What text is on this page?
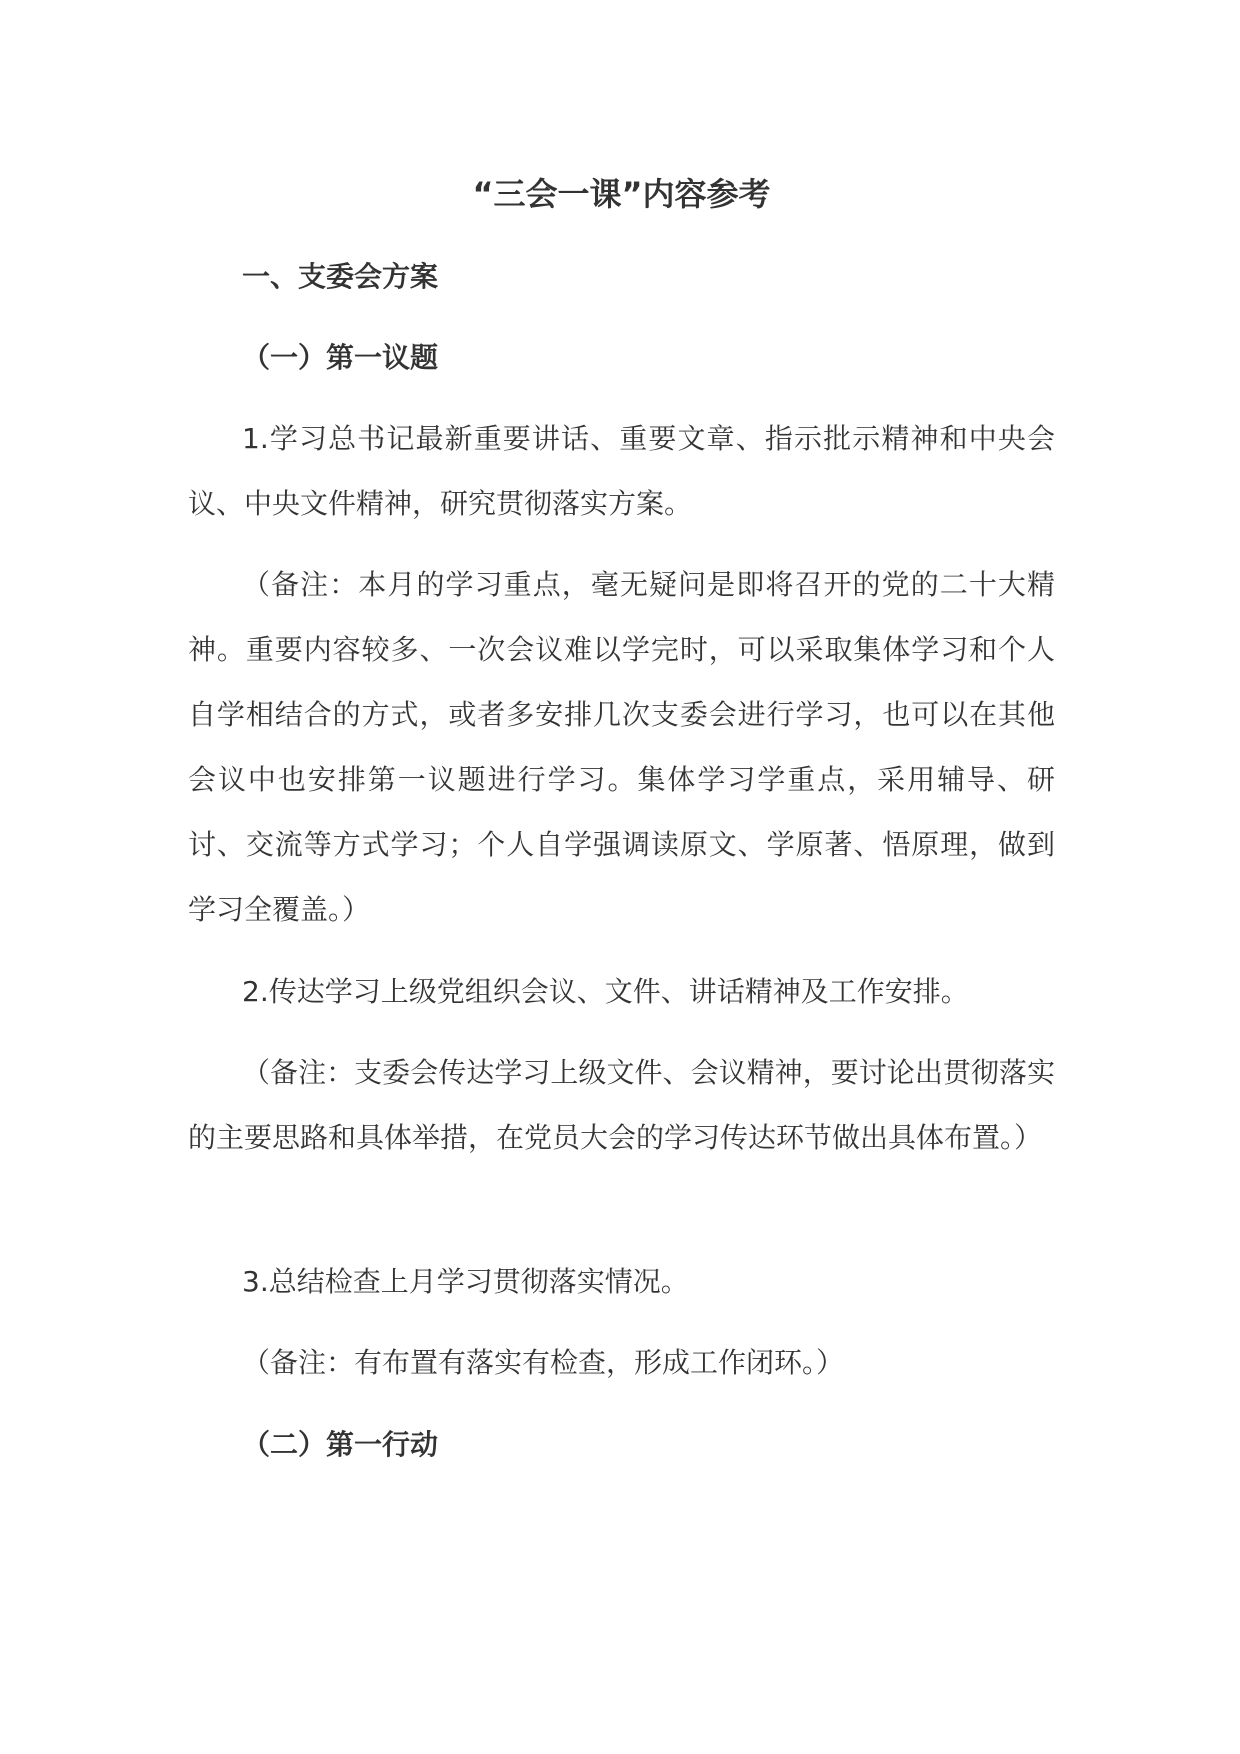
“三会一课”内容参考
一、支委会方案
（一）第一议题

1.学习总书记最新重要讲话、重要文章、指示批示精神和中央会议、中央文件精神，研究贯彻落实方案。

（备注：本月的学习重点，毫无疑问是即将召开的党的二十大精神。重要内容较多、一次会议难以学完时，可以采取集体学习和个人自学相结合的方式，或者多安排几次支委会进行学习，也可以在其他会议中也安排第一议题进行学习。集体学习学重点，采用辅导、研讨、交流等方式学习；个人自学强调读原文、学原著、悟原理，做到学习全覆盖。）

2.传达学习上级党组织会议、文件、讲话精神及工作安排。

（备注：支委会传达学习上级文件、会议精神，要讨论出贯彻落实的主要思路和具体举措，在党员大会的学习传达环节做出具体布置。）

3.总结检查上月学习贯彻落实情况。

（备注：有布置有落实有检查，形成工作闭环。）

（二）第一行动
